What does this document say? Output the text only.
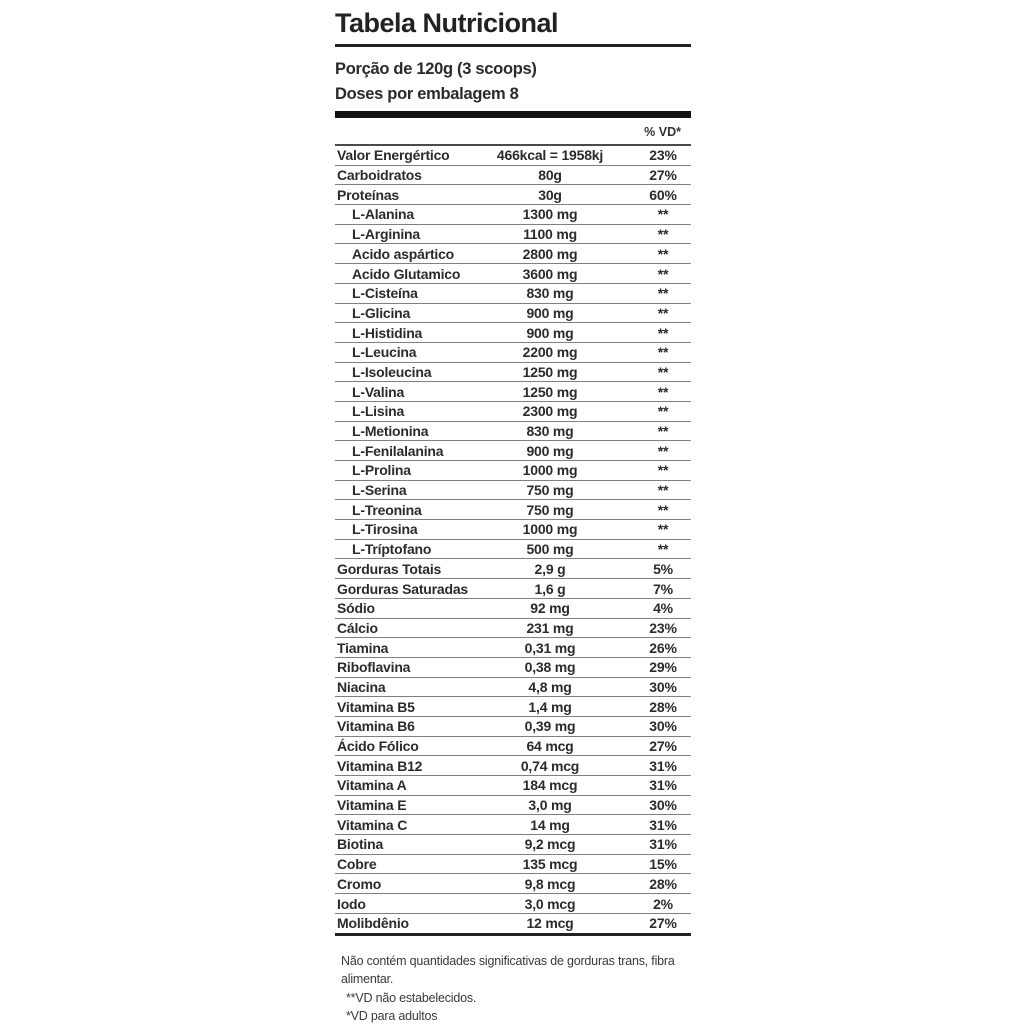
Tabela Nutricional
Porção de 120g (3 scoops)
Doses por embalagem 8
% VD*
Valor Energértico	466kcal = 1958kj	23%
Carboidratos	80g	27%
Proteínas	30g	60%
L-Alanina	1300 mg	**
L-Arginina	1100 mg	**
Acido aspártico	2800 mg	**
Acido Glutamico	3600 mg	**
L-Cisteína	830 mg	**
L-Glicina	900 mg	**
L-Histidina	900 mg	**
L-Leucina	2200 mg	**
L-Isoleucina	1250 mg	**
L-Valina	1250 mg	**
L-Lisina	2300 mg	**
L-Metionina	830 mg	**
L-Fenilalanina	900 mg	**
L-Prolina	1000 mg	**
L-Serina	750 mg	**
L-Treonina	750 mg	**
L-Tirosina	1000 mg	**
L-Tríptofano	500 mg	**
Gorduras Totais	2,9 g	5%
Gorduras Saturadas	1,6 g	7%
Sódio	92 mg	4%
Cálcio	231 mg	23%
Tiamina	0,31 mg	26%
Riboflavina	0,38 mg	29%
Niacina	4,8 mg	30%
Vitamina B5	1,4 mg	28%
Vitamina B6	0,39 mg	30%
Ácido Fólico	64 mcg	27%
Vitamina B12	0,74 mcg	31%
Vitamina A	184 mcg	31%
Vitamina E	3,0 mg	30%
Vitamina C	14 mg	31%
Biotina	9,2 mcg	31%
Cobre	135 mcg	15%
Cromo	9,8 mcg	28%
Iodo	3,0 mcg	2%
Molibdênio	12 mcg	27%
Não contém quantidades significativas de gorduras trans, fibra alimentar.
**VD não estabelecidos.
*VD para adultos
